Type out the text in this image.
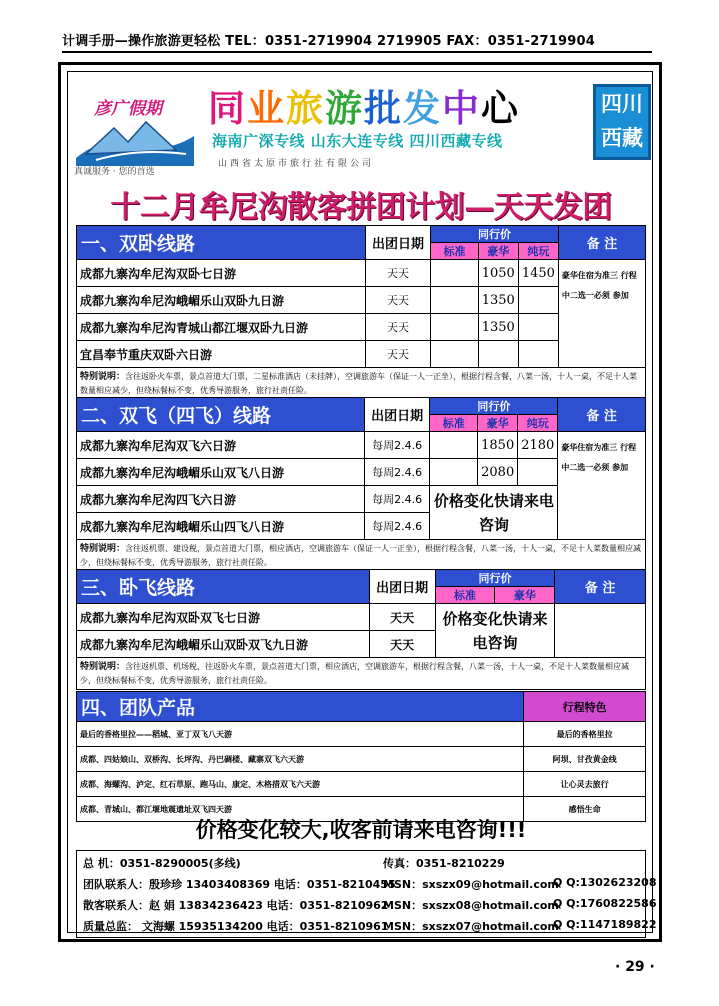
计调手册—操作旅游更轻松 TEL：0351-2719904 2719905 FAX：0351-2719904
彦广假期
真诚服务 · 您的首选
同业旅游批发中心
海南广深专线 山东大连专线 四川西藏专线
山西省太原市旅行社有限公司
四川
西藏
十二月牟尼沟散客拼团计划—天天发团
一、双卧线路	出团日期	同行价			备 注
		标准	豪华	纯玩	
成都九寨沟牟尼沟双卧七日游	天天		1050	1450	豪华住宿为准三 行程中二选一必须 参加
成都九寨沟牟尼沟峨嵋乐山双卧九日游	天天		1350		
成都九寨沟牟尼沟青城山都江堰双卧九日游	天天		1350		
宜昌奉节重庆双卧六日游	天天				
特别说明：含往返卧火车票，景点首道大门票，二星标准酒店（未挂牌），空调旅游车（保证一人一正坐），根据行程含餐，八菜一汤，十人一桌，不足十人菜数量相应减少，但绕标餐标不变，优秀导游服务，旅行社责任险。					
二、双飞（四飞）线路	出团日期	同行价			备 注
		标准	豪华	纯玩	
成都九寨沟牟尼沟双飞六日游	每周2.4.6		1850	2180	豪华住宿为准三 行程中二选一必须 参加
成都九寨沟牟尼沟峨嵋乐山双飞八日游	每周2.4.6		2080		
成都九寨沟牟尼沟四飞六日游	每周2.4.6	价格变化快请来电咨询			
成都九寨沟牟尼沟峨嵋乐山四飞八日游	每周2.4.6				
特别说明：含往返机票、建设税，景点首道大门票，相应酒店，空调旅游车（保证一人一正坐），根据行程含餐，八菜一汤，十人一桌，不足十人菜数量相应减少，但绕标餐标不变，优秀导游服务，旅行社责任险。					
三、卧飞线路	出团日期	同行价		备 注
		标准	豪华	
成都九寨沟牟尼沟双卧双飞七日游	天天	价格变化快请来电咨询		
成都九寨沟牟尼沟峨嵋乐山双卧双飞九日游	天天			
特别说明：含往返机票、机场税，往返卧火车票，景点首道大门票，相应酒店，空调旅游车，根据行程含餐，八菜一汤，十人一桌，不足十人菜数量相应减少，但绕标餐标不变，优秀导游服务，旅行社责任险。				
四、团队产品	行程特色
最后的香格里拉——稻城、亚丁双飞八天游	最后的香格里拉
成都、四姑娘山、双桥沟、长坪沟、丹巴碉楼、藏寨双飞六天游	阿坝、甘孜黄金线
成都、海螺沟、泸定、红石草原、跑马山、康定、木格措双飞六天游	让心灵去旅行
成都、青城山、都江堰地震遗址双飞四天游	感悟生命
价格变化较大,收客前请来电咨询!!!
总 机：0351-8290005(多线)	传真：0351-8210229
团队联系人：殷珍珍 13403408369 电话：0351-8210455
MSN：sxszx09@hotmail.com
Q Q:1302623208
散客联系人：赵 娟 13834236423 电话：0351-8210962
MSN：sxszx08@hotmail.com
Q Q:1760822586
质量总监： 文海螺 15935134200 电话：0351-8210961
MSN：sxszx07@hotmail.com
Q Q:1147189822
· 29 ·
